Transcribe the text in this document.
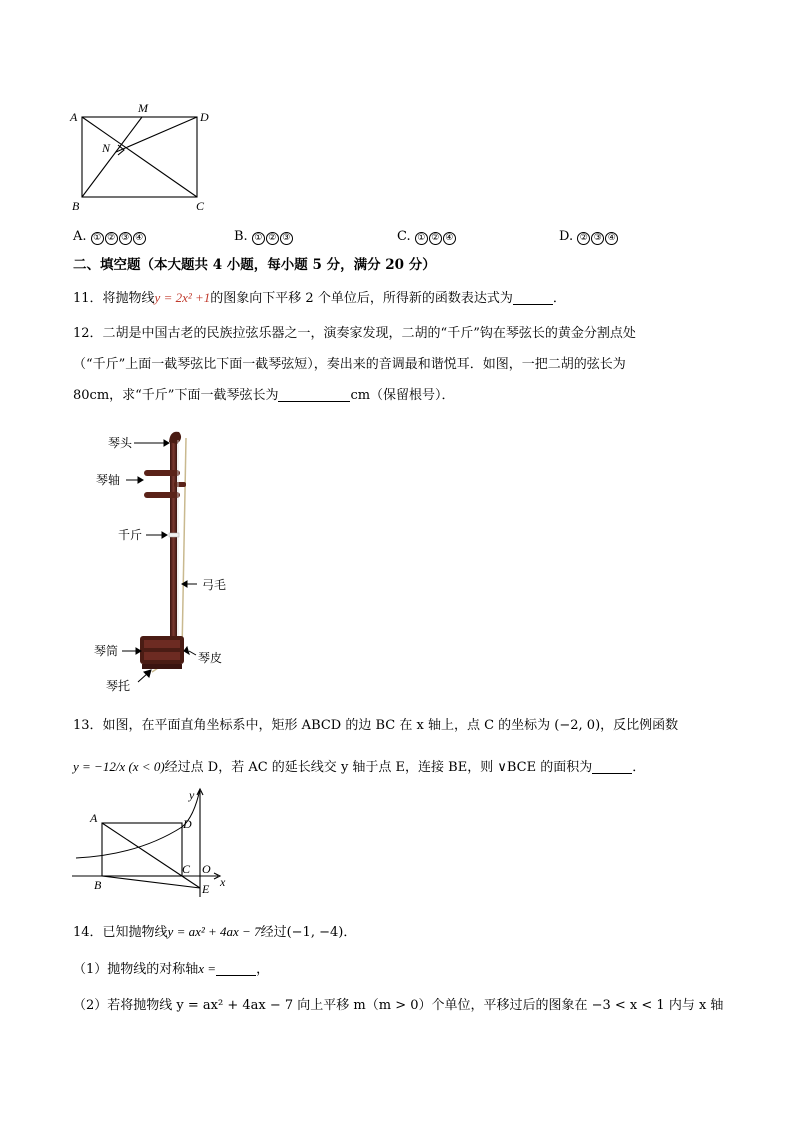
A
M
D
N
B	C
A. ① ② ③ ④	B. ① ② ③	C. ① ② ④	D. ② ③ ④
二、填空题（本大题共 4 小题，每小题 5 分，满分 20 分）
11．将抛物线y = 2x² +1的图象向下平移 2 个单位后，所得新的函数表达式为	．
12．二胡是中国古老的民族拉弦乐器之一，演奏家发现，二胡的“千斤”钩在琴弦长的黄金分割点处
（“千斤”上面一截琴弦比下面一截琴弦短），奏出来的音调最和谐悦耳．如图，一把二胡的弦长为
80cm，求“千斤”下面一截琴弦长为	cm（保留根号）．
琴头
琴轴
千斤
弓毛
琴筒	琴皮
琴托
13．如图，在平面直角坐标系中，矩形 ABCD 的边 BC 在 x 轴上，点 C 的坐标为 (−2, 0)，反比例函数
y = −12/x (x < 0)经过点 D，若 AC 的延长线交 y 轴于点 E，连接 BE，则 ∨BCE 的面积为	．
A	D
C O
B	E x
y
14．已知抛物线y = ax² + 4ax − 7经过(−1, −4)．
（1）抛物线的对称轴x =	，
（2）若将抛物线 y = ax² + 4ax − 7 向上平移 m（m > 0）个单位，平移过后的图象在 −3 < x < 1 内与 x 轴
